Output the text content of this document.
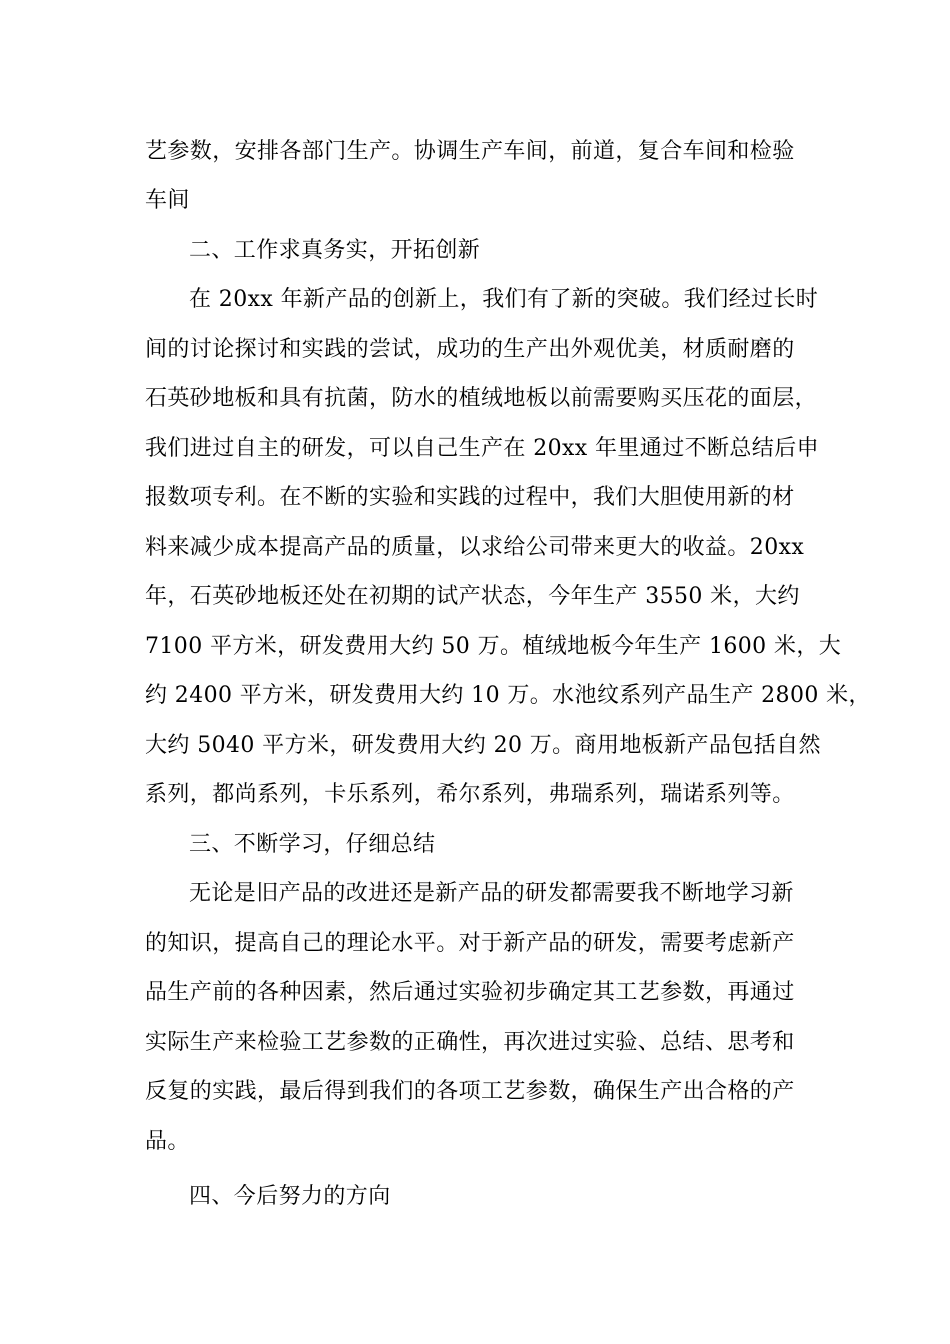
艺参数，安排各部门生产。协调生产车间，前道，复合车间和检验
车间
二、工作求真务实，开拓创新
在 20xx 年新产品的创新上，我们有了新的突破。我们经过长时
间的讨论探讨和实践的尝试，成功的生产出外观优美，材质耐磨的
石英砂地板和具有抗菌，防水的植绒地板以前需要购买压花的面层，
我们进过自主的研发，可以自己生产在 20xx 年里通过不断总结后申
报数项专利。在不断的实验和实践的过程中，我们大胆使用新的材
料来减少成本提高产品的质量，以求给公司带来更大的收益。20xx
年，石英砂地板还处在初期的试产状态，今年生产 3550 米，大约
7100 平方米，研发费用大约 50 万。植绒地板今年生产 1600 米，大
约 2400 平方米，研发费用大约 10 万。水池纹系列产品生产 2800 米，
大约 5040 平方米，研发费用大约 20 万。商用地板新产品包括自然
系列，都尚系列，卡乐系列，希尔系列，弗瑞系列，瑞诺系列等。
三、不断学习，仔细总结
无论是旧产品的改进还是新产品的研发都需要我不断地学习新
的知识，提高自己的理论水平。对于新产品的研发，需要考虑新产
品生产前的各种因素，然后通过实验初步确定其工艺参数，再通过
实际生产来检验工艺参数的正确性，再次进过实验、总结、思考和
反复的实践，最后得到我们的各项工艺参数，确保生产出合格的产
品。
四、今后努力的方向
